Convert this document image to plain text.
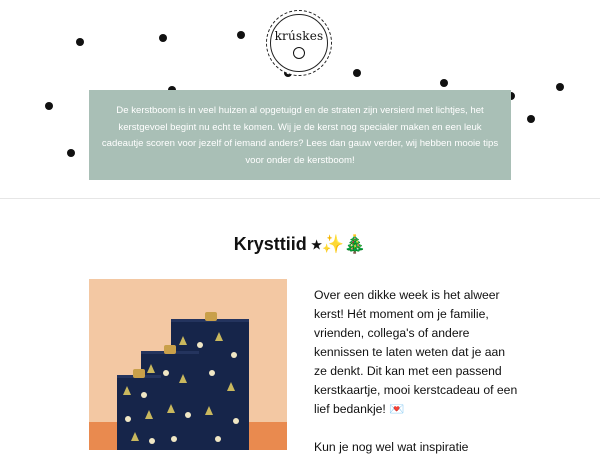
krúskes
De kerstboom is in veel huizen al opgetuigd en de straten zijn versierd met lichtjes, het kerstgevoel begint nu echt te komen. Wij je de kerst nog specialer maken en een leuk cadeautje scoren voor jezelf of iemand anders? Lees dan gauw verder, wij hebben mooie tips voor onder de kerstboom!
Krysttiid ⭑✨🎄

Over een dikke week is het alweer kerst! Hét moment om je familie, vrienden, collega's of andere kennissen te laten weten dat je aan ze denkt. Dit kan met een passend kerstkaartje, mooi kerstcadeau of een lief bedankje! 💌

Kun je nog wel wat inspiratie
